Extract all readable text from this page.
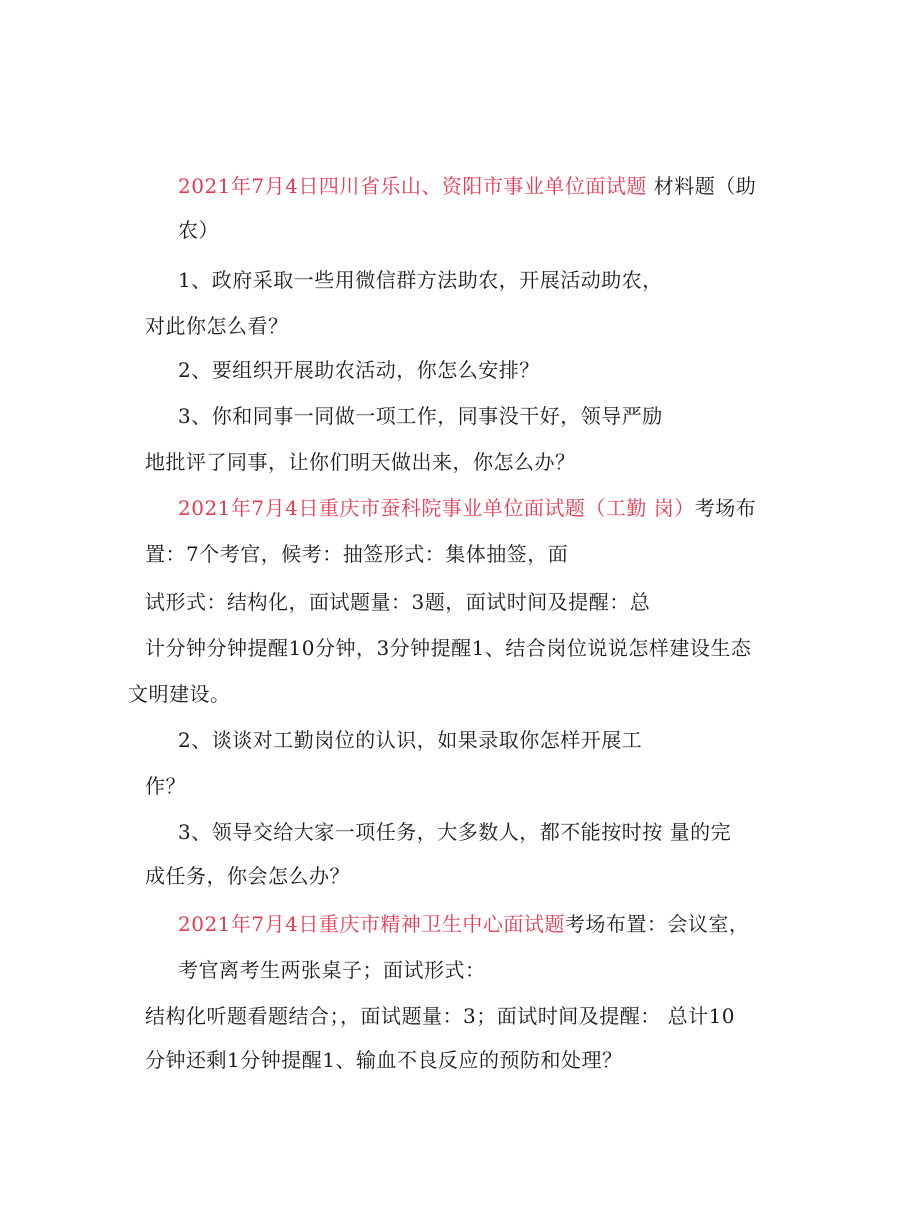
2021年7月4日四川省乐山、资阳市事业单位面试题 材料题（助
农）
1、政府采取一些用微信群方法助农，开展活动助农，
对此你怎么看？
2、要组织开展助农活动，你怎么安排？
3、你和同事一同做一项工作，同事没干好，领导严励
地批评了同事，让你们明天做出来，你怎么办？
2021年7月4日重庆市蚕科院事业单位面试题（工勤 岗）考场布
置：7个考官，候考：抽签形式：集体抽签，面
试形式：结构化，面试题量：3题，面试时间及提醒：总
计分钟分钟提醒10分钟，3分钟提醒1、结合岗位说说怎样建设生态
文明建设。
2、谈谈对工勤岗位的认识，如果录取你怎样开展工
作？
3、领导交给大家一项任务，大多数人，都不能按时按 量的完
成任务，你会怎么办？
2021年7月4日重庆市精神卫生中心面试题考场布置：会议室，
考官离考生两张桌子；面试形式：
结构化听题看题结合；，面试题量：3；面试时间及提醒： 总计10
分钟还剩1分钟提醒1、输血不良反应的预防和处理？
